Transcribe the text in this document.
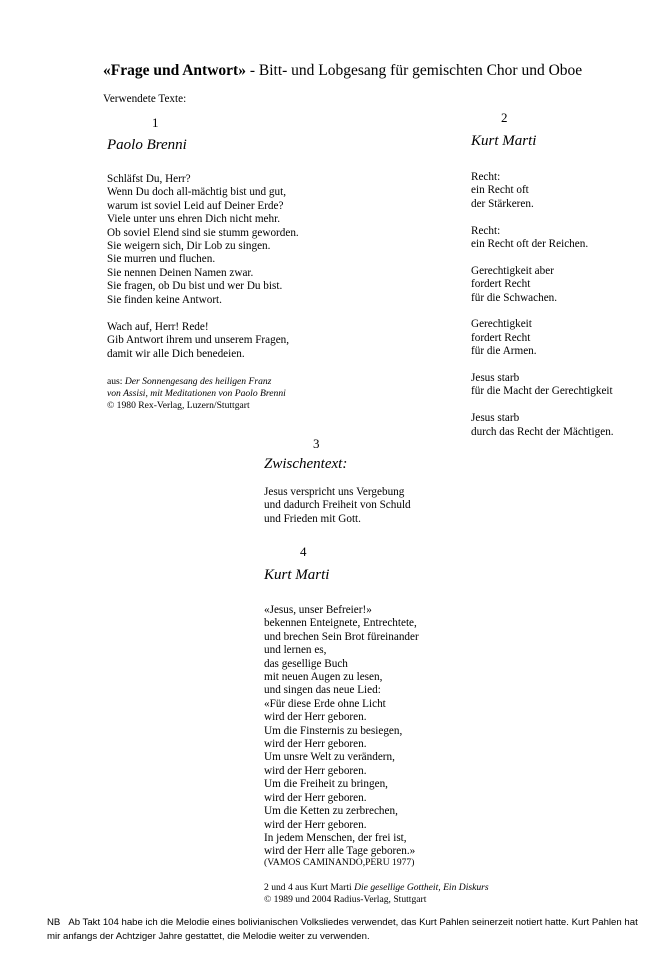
«Frage und Antwort» - Bitt- und Lobgesang für gemischten Chor und Oboe
Verwendete Texte:
1
Paolo Brenni
Schläfst Du, Herr?
Wenn Du doch all-mächtig bist und gut,
warum ist soviel Leid auf Deiner Erde?
Viele unter uns ehren Dich nicht mehr.
Ob soviel Elend sind sie stumm geworden.
Sie weigern sich, Dir Lob zu singen.
Sie murren und fluchen.
Sie nennen Deinen Namen zwar.
Sie fragen, ob Du bist und wer Du bist.
Sie finden keine Antwort.
Wach auf, Herr! Rede!
Gib Antwort ihrem und unserem Fragen,
damit wir alle Dich benedeien.
aus: Der Sonnengesang des heiligen Franz
von Assisi, mit Meditationen von Paolo Brenni
© 1980 Rex-Verlag, Luzern/Stuttgart
2
Kurt Marti
Recht:
ein Recht oft
der Stärkeren.
Recht:
ein Recht oft der Reichen.
Gerechtigkeit aber
fordert Recht
für die Schwachen.
Gerechtigkeit
fordert Recht
für die Armen.
Jesus starb
für die Macht der Gerechtigkeit
Jesus starb
durch das Recht der Mächtigen.
3
Zwischentext:
Jesus verspricht uns Vergebung
und dadurch Freiheit von Schuld
und Frieden mit Gott.
4
Kurt Marti
«Jesus, unser Befreier!»
bekennen Enteignete, Entrechtete,
und brechen Sein Brot füreinander
und lernen es,
das gesellige Buch
mit neuen Augen zu lesen,
und singen das neue Lied:
«Für diese Erde ohne Licht
wird der Herr geboren.
Um die Finsternis zu besiegen,
wird der Herr geboren.
Um unsre Welt zu verändern,
wird der Herr geboren.
Um die Freiheit zu bringen,
wird der Herr geboren.
Um die Ketten zu zerbrechen,
wird der Herr geboren.
In jedem Menschen, der frei ist,
wird der Herr alle Tage geboren.»
(VAMOS CAMINANDO,PERU 1977)
2 und 4 aus Kurt Marti Die gesellige Gottheit, Ein Diskurs
© 1989 und 2004 Radius-Verlag, Stuttgart
NB Ab Takt 104 habe ich die Melodie eines bolivianischen Volksliedes verwendet, das Kurt Pahlen seinerzeit notiert hatte. Kurt Pahlen hat mir anfangs der Achtziger Jahre gestattet, die Melodie weiter zu verwenden.
